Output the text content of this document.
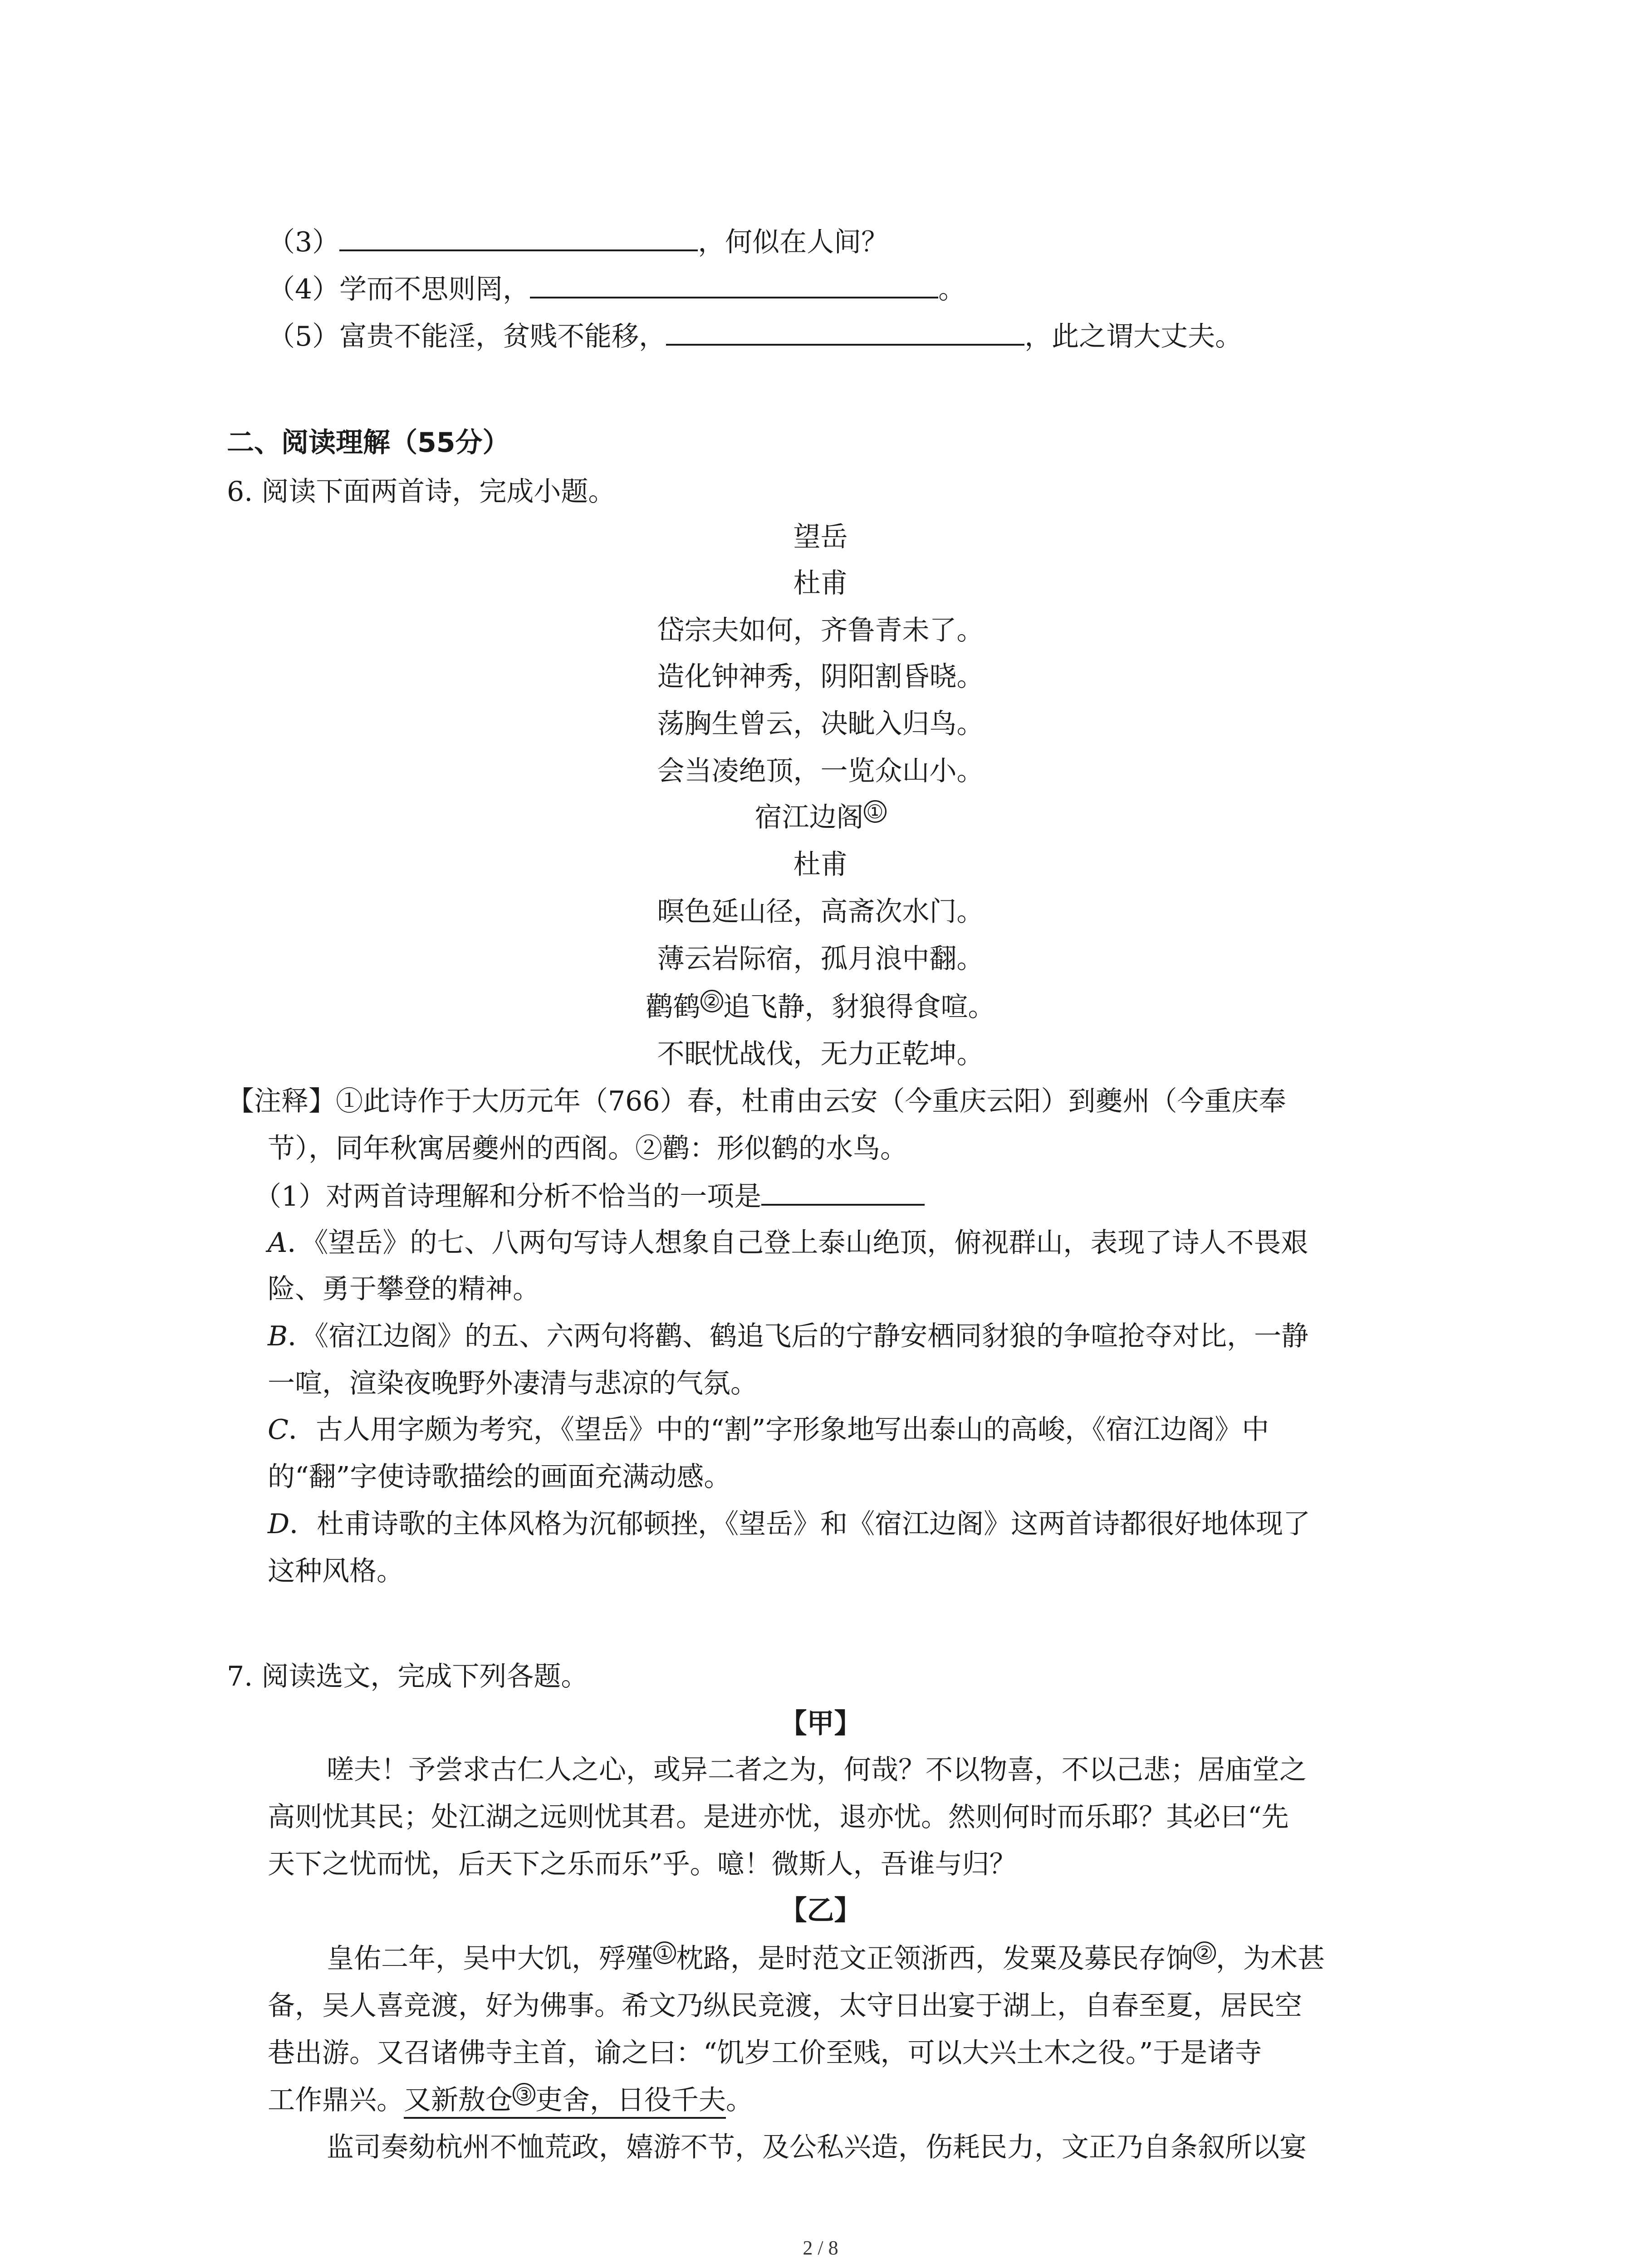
（3）	，何似在人间？
（4）学而不思则罔，	。
（5）富贵不能淫，贫贱不能移，	，此之谓大丈夫。
二、阅读理解（55分）
6. 阅读下面两首诗，完成小题。
望岳
杜甫
岱宗夫如何，齐鲁青未了。
造化钟神秀，阴阳割昏晓。
荡胸生曾云，决眦入归鸟。
会当凌绝顶，一览众山小。
宿江边阁 ①
杜甫
暝色延山径，高斋次水门。
薄云岩际宿，孤月浪中翻。
鹳鹤 ② 追飞静，豺狼得食喧。
不眠忧战伐，无力正乾坤。
【注释】①此诗作于大历元年（766）春，杜甫由云安（今重庆云阳）到夔州（今重庆奉
节），同年秋寓居夔州的西阁。②鹳：形似鹤的水鸟。
（1）对两首诗理解和分析不恰当的一项是
A．《望岳》的七、八两句写诗人想象自己登上泰山绝顶，俯视群山，表现了诗人不畏艰
险、勇于攀登的精神。
B．《宿江边阁》的五、六两句将鹳、鹤追飞后的宁静安栖同豺狼的争喧抢夺对比，一静
一喧，渲染夜晚野外凄清与悲凉的气氛。
C．古人用字颇为考究，《望岳》中的“割”字形象地写出泰山的高峻，《宿江边阁》中
的“翻”字使诗歌描绘的画面充满动感。
D．杜甫诗歌的主体风格为沉郁顿挫，《望岳》和《宿江边阁》这两首诗都很好地体现了
这种风格。
7. 阅读选文，完成下列各题。
【甲】
嗟夫！予尝求古仁人之心，或异二者之为，何哉？不以物喜，不以己悲；居庙堂之
高则忧其民；处江湖之远则忧其君。是进亦忧，退亦忧。然则何时而乐耶？其必曰“先
天下之忧而忧，后天下之乐而乐”乎。噫！微斯人，吾谁与归？
【乙】
皇佑二年，吴中大饥，殍殣 ① 枕路，是时范文正领浙西，发粟及募民存饷 ② ，为术甚
备，吴人喜竞渡，好为佛事。希文乃纵民竞渡，太守日出宴于湖上，自春至夏，居民空
巷出游。又召诸佛寺主首，谕之曰：“饥岁工价至贱，可以大兴土木之役。”于是诸寺
工作鼎兴。又新敖仓 ③ 吏舍，日役千夫。
监司奏劾杭州不恤荒政，嬉游不节，及公私兴造，伤耗民力，文正乃自条叙所以宴
2 / 8
